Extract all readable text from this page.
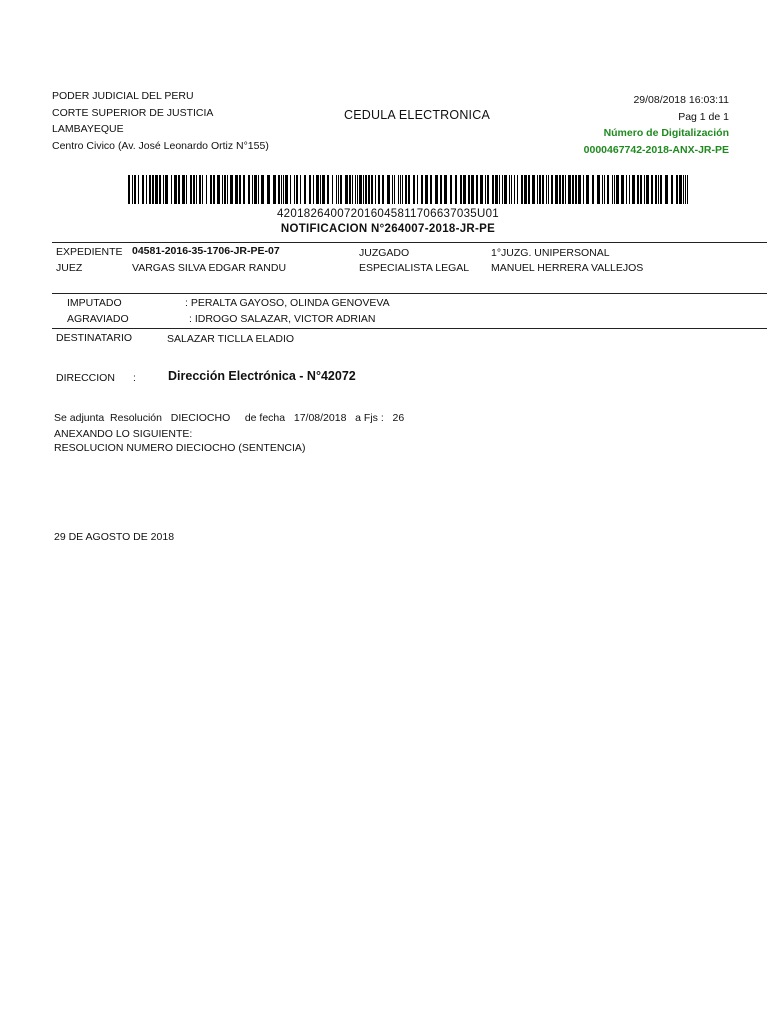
PODER JUDICIAL DEL PERU
CORTE SUPERIOR DE JUSTICIA
LAMBAYEQUE
Centro Civico (Av. José Leonardo Ortiz N°155)
CEDULA ELECTRONICA
29/08/2018 16:03:11
Pag 1 de 1
Número de Digitalización
0000467742-2018-ANX-JR-PE
420182640072016045811706637035U01
NOTIFICACION N°264007-2018-JR-PE
EXPEDIENTE 04581-2016-35-1706-JR-PE-07	JUZGADO	1°JUZG. UNIPERSONAL
JUEZ	VARGAS SILVA EDGAR RANDU	ESPECIALISTA LEGAL MANUEL HERRERA VALLEJOS
IMPUTADO	: PERALTA GAYOSO, OLINDA GENOVEVA
AGRAVIADO	: IDROGO SALAZAR, VICTOR ADRIAN
DESTINATARIO	SALAZAR TICLLA ELADIO
DIRECCION :	Dirección Electrónica - N°42072
Se adjunta  Resolución   DIECIOCHO     de fecha   17/08/2018   a Fjs :   26
ANEXANDO LO SIGUIENTE:
RESOLUCION NUMERO DIECIOCHO (SENTENCIA)
29 DE AGOSTO DE 2018
